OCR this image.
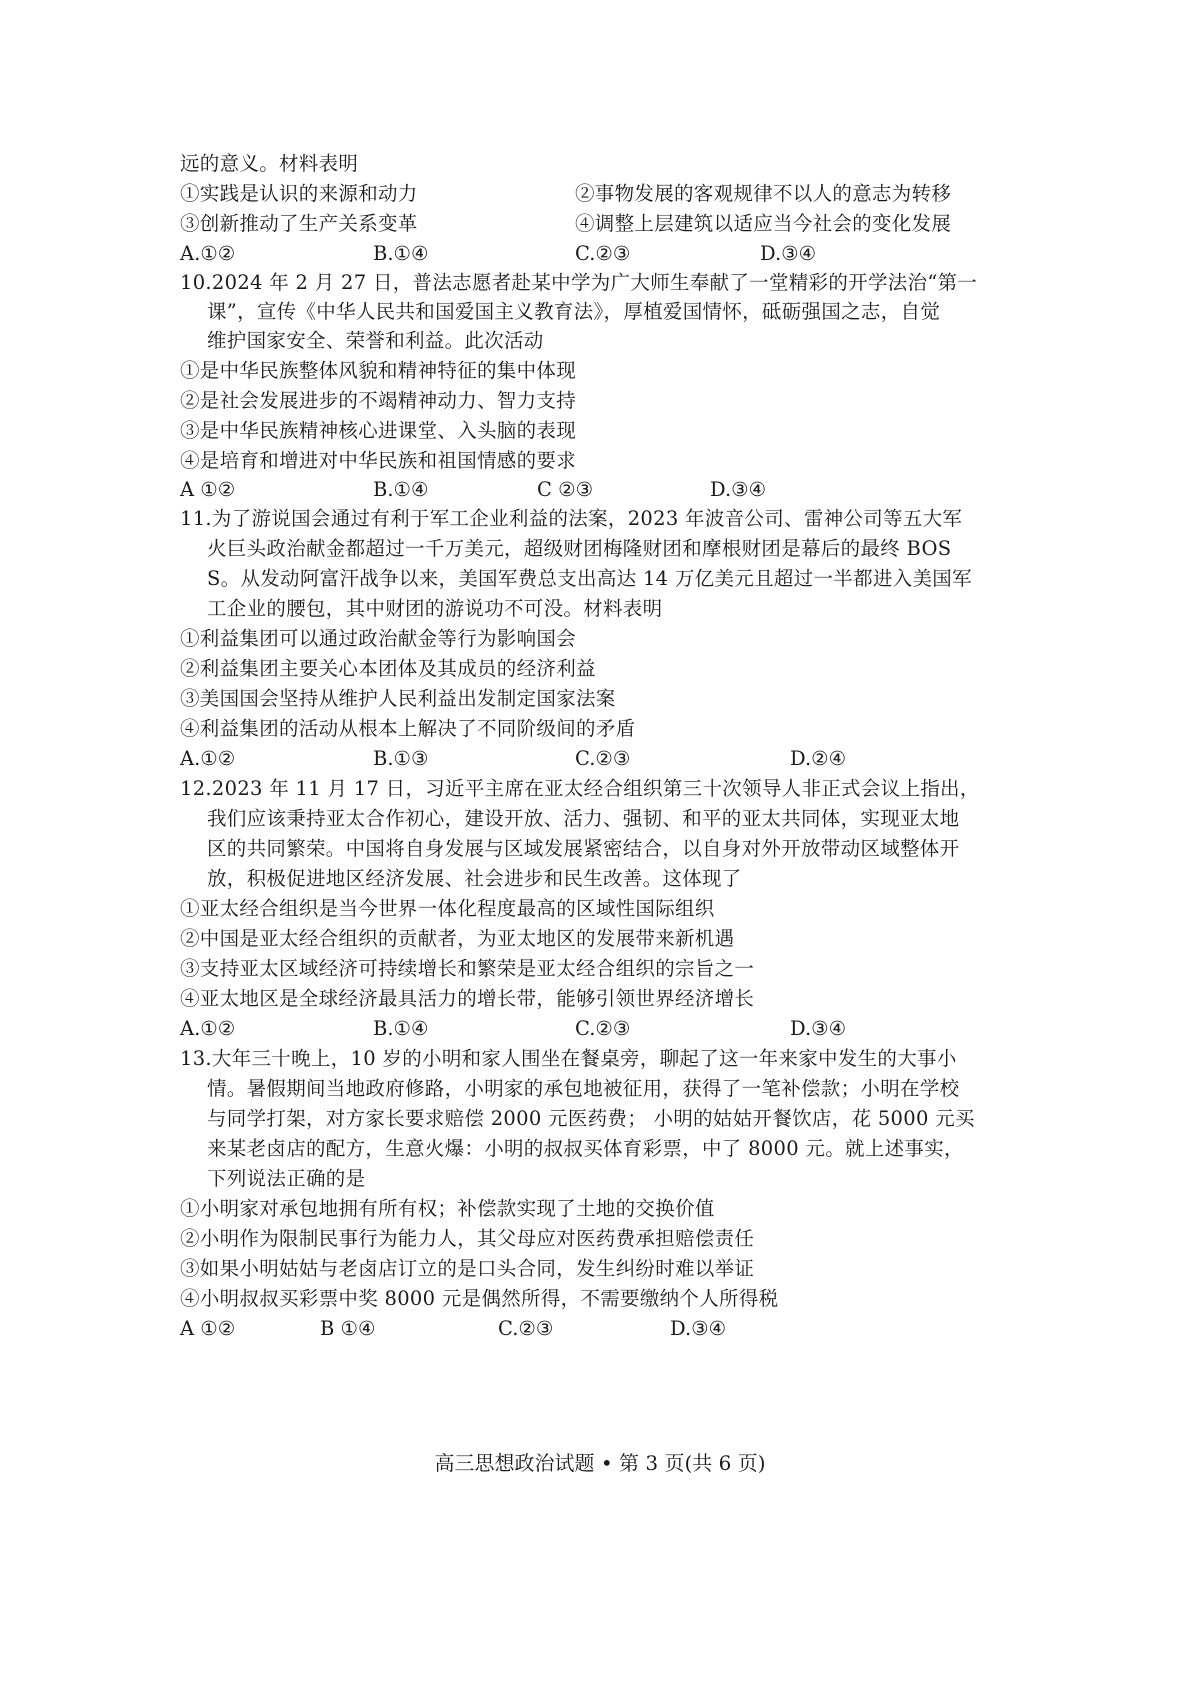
远的意义。材料表明
①实践是认识的来源和动力	②事物发展的客观规律不以人的意志为转移
③创新推动了生产关系变革	④调整上层建筑以适应当今社会的变化发展
A.①②	B.①④	C.②③	D.③④
10.2024 年 2 月 27 日，普法志愿者赴某中学为广大师生奉献了一堂精彩的开学法治“第一
课”，宣传《中华人民共和国爱国主义教育法》，厚植爱国情怀，砥砺强国之志，自觉
维护国家安全、荣誉和利益。此次活动
①是中华民族整体风貌和精神特征的集中体现
②是社会发展进步的不竭精神动力、智力支持
③是中华民族精神核心进课堂、入头脑的表现
④是培育和增进对中华民族和祖国情感的要求
A ①②	B.①④	C ②③	D.③④
11.为了游说国会通过有利于军工企业利益的法案，2023 年波音公司、雷神公司等五大军
火巨头政治献金都超过一千万美元，超级财团梅隆财团和摩根财团是幕后的最终 BOS
S。从发动阿富汗战争以来，美国军费总支出高达 14 万亿美元且超过一半都进入美国军
工企业的腰包，其中财团的游说功不可没。材料表明
①利益集团可以通过政治献金等行为影响国会
②利益集团主要关心本团体及其成员的经济利益
③美国国会坚持从维护人民利益出发制定国家法案
④利益集团的活动从根本上解决了不同阶级间的矛盾
A.①②	B.①③	C.②③	D.②④
12.2023 年 11 月 17 日，习近平主席在亚太经合组织第三十次领导人非正式会议上指出，
我们应该秉持亚太合作初心，建设开放、活力、强韧、和平的亚太共同体，实现亚太地
区的共同繁荣。中国将自身发展与区域发展紧密结合，以自身对外开放带动区域整体开
放，积极促进地区经济发展、社会进步和民生改善。这体现了
①亚太经合组织是当今世界一体化程度最高的区域性国际组织
②中国是亚太经合组织的贡献者，为亚太地区的发展带来新机遇
③支持亚太区域经济可持续增长和繁荣是亚太经合组织的宗旨之一
④亚太地区是全球经济最具活力的增长带，能够引领世界经济增长
A.①②	B.①④	C.②③	D.③④
13.大年三十晚上，10 岁的小明和家人围坐在餐桌旁，聊起了这一年来家中发生的大事小
情。暑假期间当地政府修路，小明家的承包地被征用，获得了一笔补偿款；小明在学校
与同学打架，对方家长要求赔偿 2000 元医药费； 小明的姑姑开餐饮店，花 5000 元买
来某老卤店的配方，生意火爆：小明的叔叔买体育彩票，中了 8000 元。就上述事实，
下列说法正确的是
①小明家对承包地拥有所有权；补偿款实现了土地的交换价值
②小明作为限制民事行为能力人，其父母应对医药费承担赔偿责任
③如果小明姑姑与老卤店订立的是口头合同，发生纠纷时难以举证
④小明叔叔买彩票中奖 8000 元是偶然所得，不需要缴纳个人所得税
A ①②	B ①④	C.②③	D.③④
高三思想政治试题 • 第 3 页(共 6 页)
